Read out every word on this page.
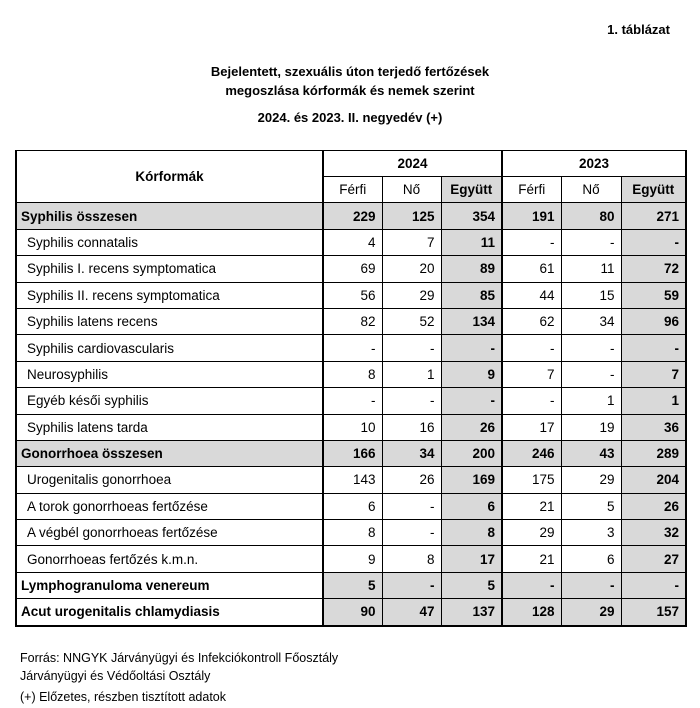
1. táblázat
Bejelentett, szexuális úton terjedő fertőzések
megoszlása kórformák és nemek szerint
2024. és 2023. II. negyedév (+)
Kórformák	2024			2023		
	Férfi	Nő	Együtt	Férfi	Nő	Együtt
Syphilis összesen	229	125	354	191	80	271
Syphilis connatalis	4	7	11	-	-	-
Syphilis I. recens symptomatica	69	20	89	61	11	72
Syphilis II. recens symptomatica	56	29	85	44	15	59
Syphilis latens recens	82	52	134	62	34	96
Syphilis cardiovascularis	-	-	-	-	-	-
Neurosyphilis	8	1	9	7	-	7
Egyéb késői syphilis	-	-	-	-	1	1
Syphilis latens tarda	10	16	26	17	19	36
Gonorrhoea összesen	166	34	200	246	43	289
Urogenitalis gonorrhoea	143	26	169	175	29	204
A torok gonorrhoeas fertőzése	6	-	6	21	5	26
A végbél gonorrhoeas fertőzése	8	-	8	29	3	32
Gonorrhoeas fertőzés k.m.n.	9	8	17	21	6	27
Lymphogranuloma venereum	5	-	5	-	-	-
Acut urogenitalis chlamydiasis	90	47	137	128	29	157
Forrás: NNGYK Járványügyi és Infekciókontroll Főosztály
Járványügyi és Védőoltási Osztály
(+) Előzetes, részben tisztított adatok
